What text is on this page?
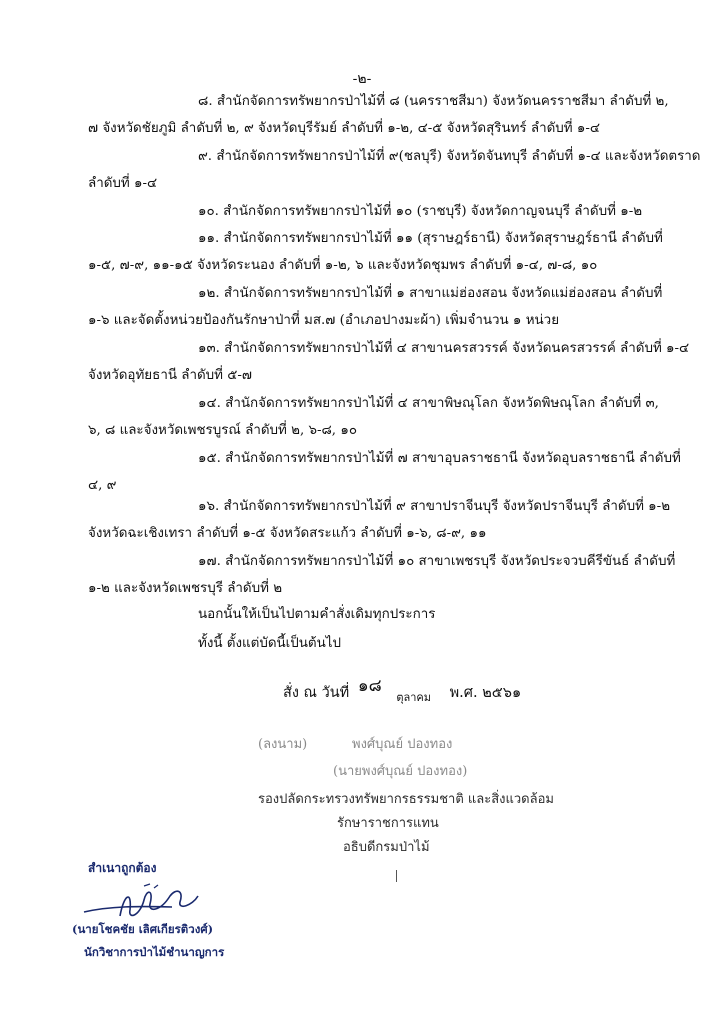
-๒-
๘. สำนักจัดการทรัพยากรป่าไม้ที่ ๘ (นครราชสีมา) จังหวัดนครราชสีมา ลำดับที่ ๒,
๗ จังหวัดชัยภูมิ ลำดับที่ ๒, ๙ จังหวัดบุรีรัมย์ ลำดับที่ ๑-๒, ๔-๕ จังหวัดสุรินทร์ ลำดับที่ ๑-๔
๙. สำนักจัดการทรัพยากรป่าไม้ที่ ๙(ชลบุรี) จังหวัดจันทบุรี ลำดับที่ ๑-๔ และจังหวัดตราด
ลำดับที่ ๑-๔
๑๐. สำนักจัดการทรัพยากรป่าไม้ที่ ๑๐ (ราชบุรี) จังหวัดกาญจนบุรี ลำดับที่ ๑-๒
๑๑. สำนักจัดการทรัพยากรป่าไม้ที่ ๑๑ (สุราษฎร์ธานี) จังหวัดสุราษฎร์ธานี ลำดับที่
๑-๕, ๗-๙, ๑๑-๑๕ จังหวัดระนอง ลำดับที่ ๑-๒, ๖ และจังหวัดชุมพร ลำดับที่ ๑-๔, ๗-๘, ๑๐
๑๒. สำนักจัดการทรัพยากรป่าไม้ที่ ๑ สาขาแม่ฮ่องสอน จังหวัดแม่ฮ่องสอน ลำดับที่
๑-๖ และจัดตั้งหน่วยป้องกันรักษาป่าที่ มส.๗ (อำเภอปางมะผ้า) เพิ่มจำนวน ๑ หน่วย
๑๓. สำนักจัดการทรัพยากรป่าไม้ที่ ๔ สาขานครสวรรค์ จังหวัดนครสวรรค์ ลำดับที่ ๑-๔
จังหวัดอุทัยธานี ลำดับที่ ๕-๗
๑๔. สำนักจัดการทรัพยากรป่าไม้ที่ ๔ สาขาพิษณุโลก จังหวัดพิษณุโลก ลำดับที่ ๓,
๖, ๘ และจังหวัดเพชรบูรณ์ ลำดับที่ ๒, ๖-๘, ๑๐
๑๕. สำนักจัดการทรัพยากรป่าไม้ที่ ๗ สาขาอุบลราชธานี จังหวัดอุบลราชธานี ลำดับที่
๔, ๙
๑๖. สำนักจัดการทรัพยากรป่าไม้ที่ ๙ สาขาปราจีนบุรี จังหวัดปราจีนบุรี ลำดับที่ ๑-๒
จังหวัดฉะเชิงเทรา ลำดับที่ ๑-๕ จังหวัดสระแก้ว ลำดับที่ ๑-๖, ๘-๙, ๑๑
๑๗. สำนักจัดการทรัพยากรป่าไม้ที่ ๑๐ สาขาเพชรบุรี จังหวัดประจวบคีรีขันธ์ ลำดับที่
๑-๒ และจังหวัดเพชรบุรี ลำดับที่ ๒
นอกนั้นให้เป็นไปตามคำสั่งเดิมทุกประการ
ทั้งนี้ ตั้งแต่บัดนี้เป็นต้นไป
สั่ง ณ วันที่ ๑๘ ตุลาคม พ.ศ. ๒๕๖๑
(ลงนาม)	พงศ์บุณย์ ปองทอง
(นายพงศ์บุณย์ ปองทอง)
รองปลัดกระทรวงทรัพยากรธรรมชาติ และสิ่งแวดล้อม
รักษาราชการแทน
อธิบดีกรมป่าไม้
สำเนาถูกต้อง
(นายโชคชัย เลิศเกียรติวงศ์)
นักวิชาการป่าไม้ชำนาญการ
